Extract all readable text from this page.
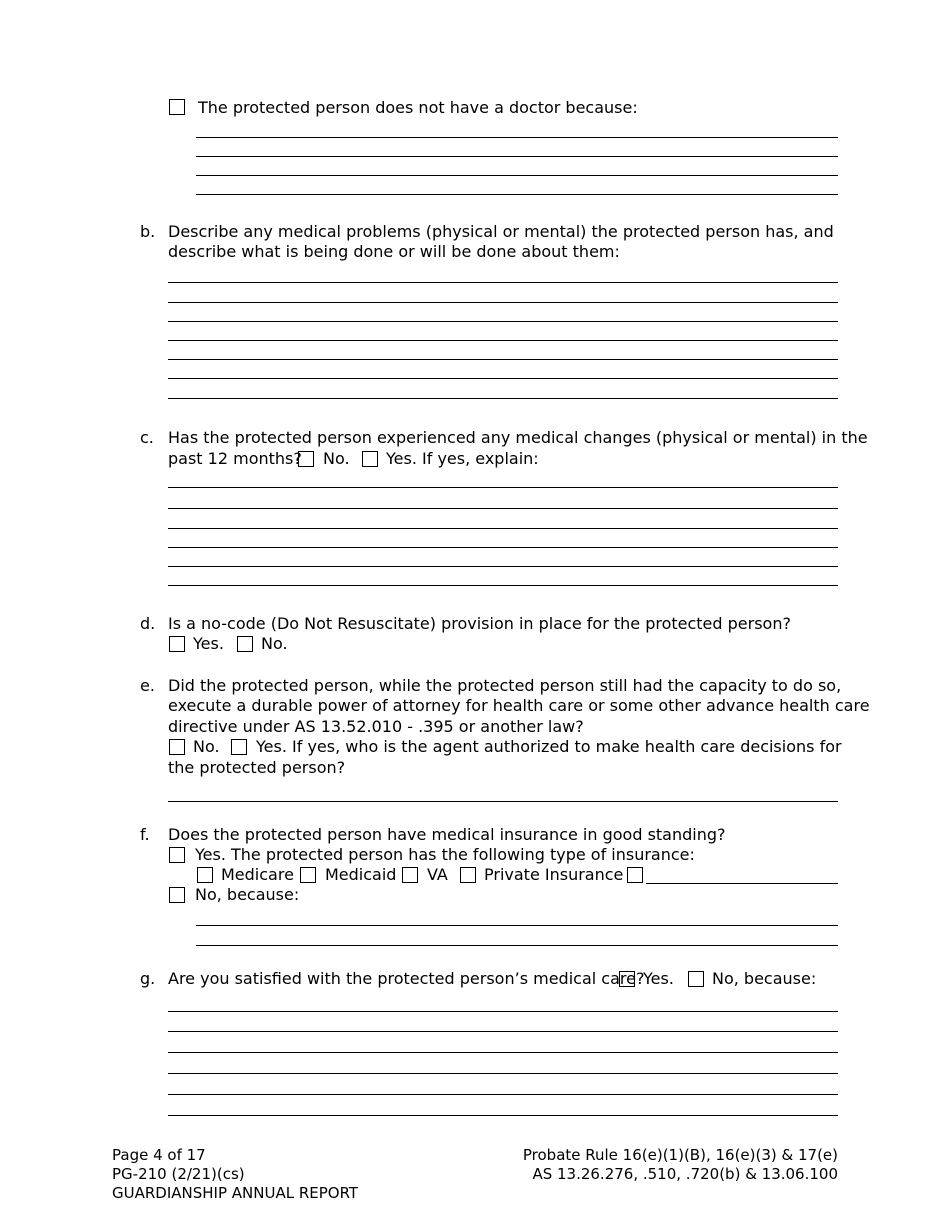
The protected person does not have a doctor because:
b. Describe any medical problems (physical or mental) the protected person has, and
describe what is being done or will be done about them:
c. Has the protected person experienced any medical changes (physical or mental) in the
past 12 months? No. Yes. If yes, explain:
d. Is a no-code (Do Not Resuscitate) provision in place for the protected person?
Yes. No.
e. Did the protected person, while the protected person still had the capacity to do so,
execute a durable power of attorney for health care or some other advance health care
directive under AS 13.52.010 - .395 or another law?
No. Yes. If yes, who is the agent authorized to make health care decisions for
the protected person?
f. Does the protected person have medical insurance in good standing?
Yes. The protected person has the following type of insurance:
Medicare Medicaid VA Private Insurance
No, because:
g. Are you satisfied with the protected person’s medical care?
Yes. No, because:
Page 4 of 17
PG-210 (2/21)(cs)
GUARDIANSHIP ANNUAL REPORT
Probate Rule 16(e)(1)(B), 16(e)(3) & 17(e)
AS 13.26.276, .510, .720(b) & 13.06.100
